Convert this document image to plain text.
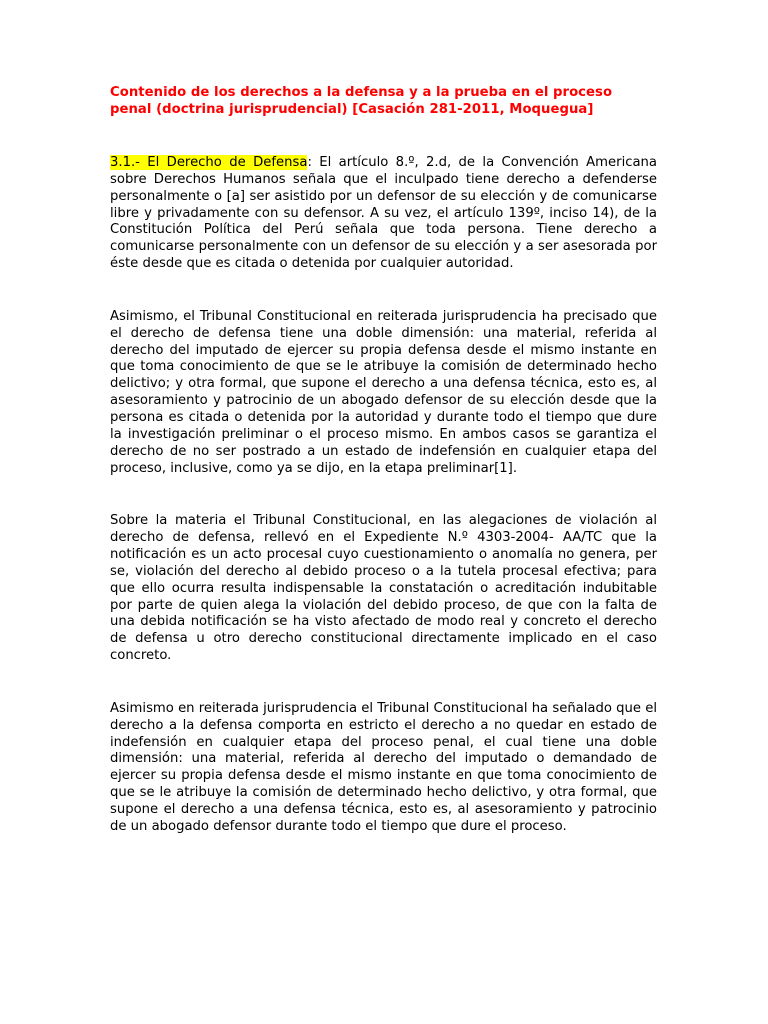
Contenido de los derechos a la defensa y a la prueba en el proceso penal (doctrina jurisprudencial) [Casación 281-2011, Moquegua]

3.1.- El Derecho de Defensa: El artículo 8.º, 2.d, de la Convención Americana sobre Derechos Humanos señala que el inculpado tiene derecho a defenderse personalmente o [a] ser asistido por un defensor de su elección y de comunicarse libre y privadamente con su defensor. A su vez, el artículo 139º, inciso 14), de la Constitución Política del Perú señala que toda persona. Tiene derecho a comunicarse personalmente con un defensor de su elección y a ser asesorada por éste desde que es citada o detenida por cualquier autoridad.

Asimismo, el Tribunal Constitucional en reiterada jurisprudencia ha precisado que el derecho de defensa tiene una doble dimensión: una material, referida al derecho del imputado de ejercer su propia defensa desde el mismo instante en que toma conocimiento de que se le atribuye la comisión de determinado hecho delictivo; y otra formal, que supone el derecho a una defensa técnica, esto es, al asesoramiento y patrocinio de un abogado defensor de su elección desde que la persona es citada o detenida por la autoridad y durante todo el tiempo que dure la investigación preliminar o el proceso mismo. En ambos casos se garantiza el derecho de no ser postrado a un estado de indefensión en cualquier etapa del proceso, inclusive, como ya se dijo, en la etapa preliminar[1].

Sobre la materia el Tribunal Constitucional, en las alegaciones de violación al derecho de defensa, rellevó en el Expediente N.º 4303-2004- AA/TC que la notificación es un acto procesal cuyo cuestionamiento o anomalía no genera, per se, violación del derecho al debido proceso o a la tutela procesal efectiva; para que ello ocurra resulta indispensable la constatación o acreditación indubitable por parte de quien alega la violación del debido proceso, de que con la falta de una debida notificación se ha visto afectado de modo real y concreto el derecho de defensa u otro derecho constitucional directamente implicado en el caso concreto.

Asimismo en reiterada jurisprudencia el Tribunal Constitucional ha señalado que el derecho a la defensa comporta en estricto el derecho a no quedar en estado de indefensión en cualquier etapa del proceso penal, el cual tiene una doble dimensión: una material, referida al derecho del imputado o demandado de ejercer su propia defensa desde el mismo instante en que toma conocimiento de que se le atribuye la comisión de determinado hecho delictivo, y otra formal, que supone el derecho a una defensa técnica, esto es, al asesoramiento y patrocinio de un abogado defensor durante todo el tiempo que dure el proceso.
